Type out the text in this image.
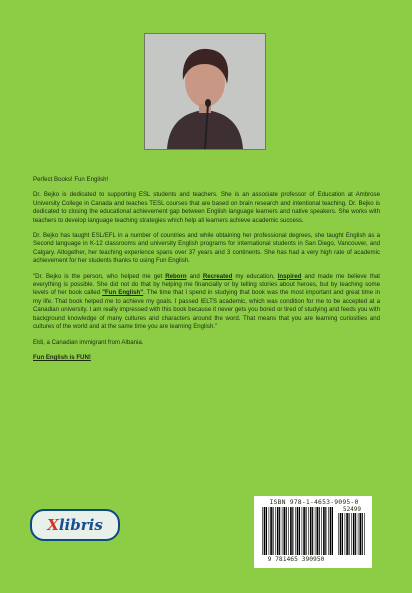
Perfect Books! Fun English!

Dr. Bejko is dedicated to supporting ESL students and teachers. She is an associate professor of Education at Ambrose University College in Canada and teaches TESL courses that are based on brain research and intentional teaching. Dr. Bejko is dedicated to closing the educational achievement gap between English language learners and native speakers. She works with teachers to develop language teaching strategies which help all learners achieve academic success.

Dr. Bejko has taught ESL/EFL in a number of countries and while obtaining her professional degrees, she taught English as a Second language in K-12 classrooms and university English programs for international students in San Diego, Vancouver, and Calgary. Altogether, her teaching experience spans over 37 years and 3 continents. She has had a very high rate of academic achievement for her students thanks to using Fun English.

"Dr. Bejko is the person, who helped me get Reborn and Recreated my education, Inspired and made me believe that everything is possible. She did not do that by helping me financially or by telling stories about heroes, but by teaching some levels of her book called "Fun English". The time that I spend in studying that book was the most important and great time in my life. That book helped me to achieve my goals. I passed IELTS academic, which was condition for me to be accepted at a Canadian university. I am really impressed with this book because it never gets you bored or tired of studying and feeds you with background knowledge of many cultures and characters around the word. That means that you are learning curiosities and cultures of the world and at the same time you are learning English."

Eldi, a Canadian immigrant from Albania.

Fun English is FUN!

X libris
ISBN 978-1-4653-9095-0
52499
9 781465 390950
